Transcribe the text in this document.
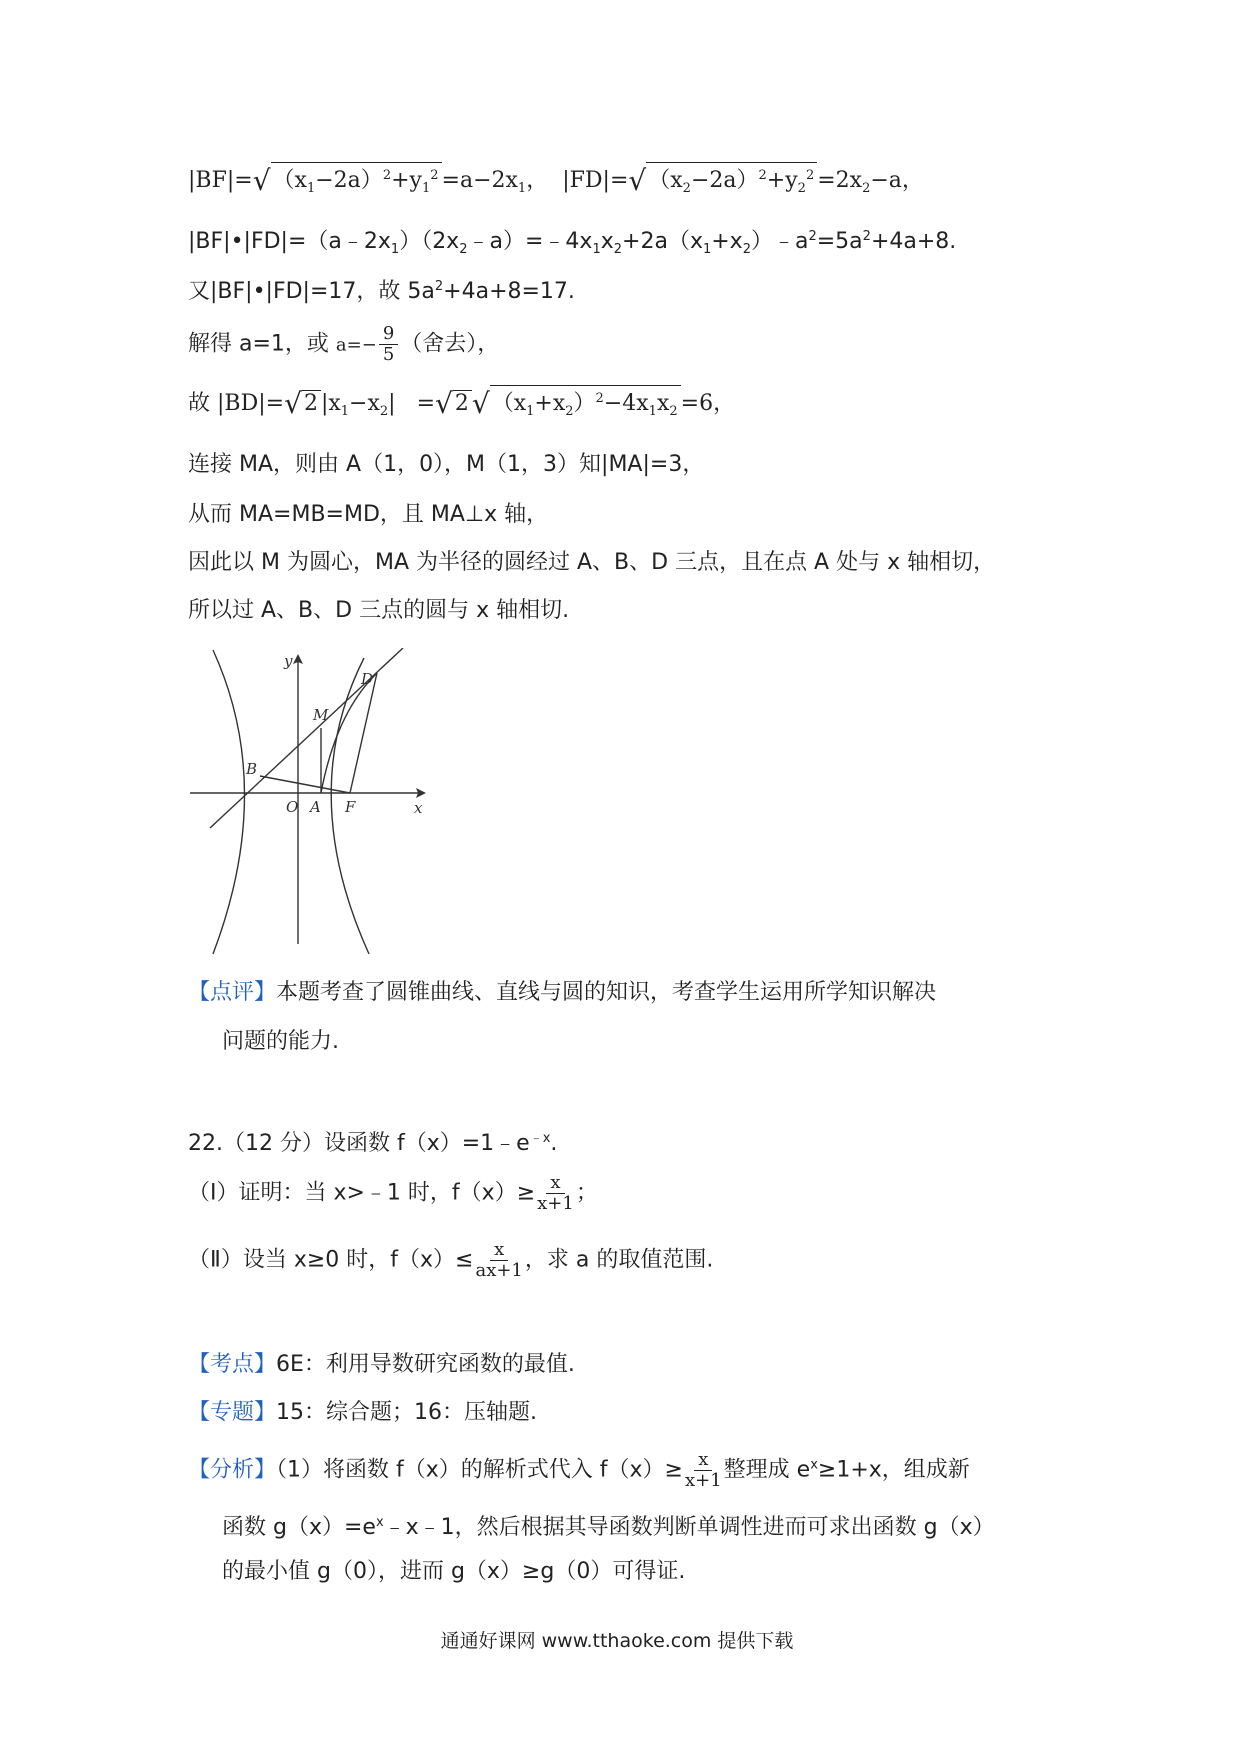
$|BF|=√(x_1-2a)^2+y_1^2 =a-2x_1$， $|FD|=√(x_2-2a)^2+y_2^2 =2x_2-a$，
$|BF|•|FD|=(a﹣2x_1)(2x_2﹣a)=﹣4x_1x_2+2a(x_1+x_2)﹣a^2=5a^2+4a+8$.
又|BF|•|FD|=17，故 $5a^2+4a+8=17$.
解得 a=1，或 $a=- \frac{9}{5}$ （舍去），
故 |BD|=√2 $|x_1-x_2| =√2$ $√(x_1+x_2)^2-4x_1x_2 =6$，
连接 MA，则由 A（1，0），M（1，3）知|MA|=3，
从而 MA=MB=MD，且 MA⊥x 轴，
因此以 M 为圆心，MA 为半径的圆经过 A、B、D 三点，且在点 A 处与 x 轴相切，
所以过 A、B、D 三点的圆与 x 轴相切.
y
x
D
M
B
O A F
【点评】本题考查了圆锥曲线、直线与圆的知识，考查学生运用所学知识解决
问题的能力.
22.（12 分）设函数 $f(x)=1﹣e^{﹣x}$.
（Ⅰ）证明：当 x>﹣1 时，$f(x)\ge \frac{x}{x+1}$ ；
（Ⅱ）设当 x≥0 时，$f(x)\le \frac{x}{ax+1}$ ，求 a 的取值范围.
【考点】6E：利用导数研究函数的最值.
【专题】15：综合题；16：压轴题.
【分析】（1）将函数 f（x）的解析式代入 $f(x)\ge \frac{x}{x+1}$ 整理成 $e^x\ge 1+x$，组成新
函数 $g(x)=e^x﹣x﹣1$，然后根据其导函数判断单调性进而可求出函数 g（x）
的最小值 g（0），进而 g（x）≥g（0）可得证.
通通好课网 www.tthaoke.com 提供下载
